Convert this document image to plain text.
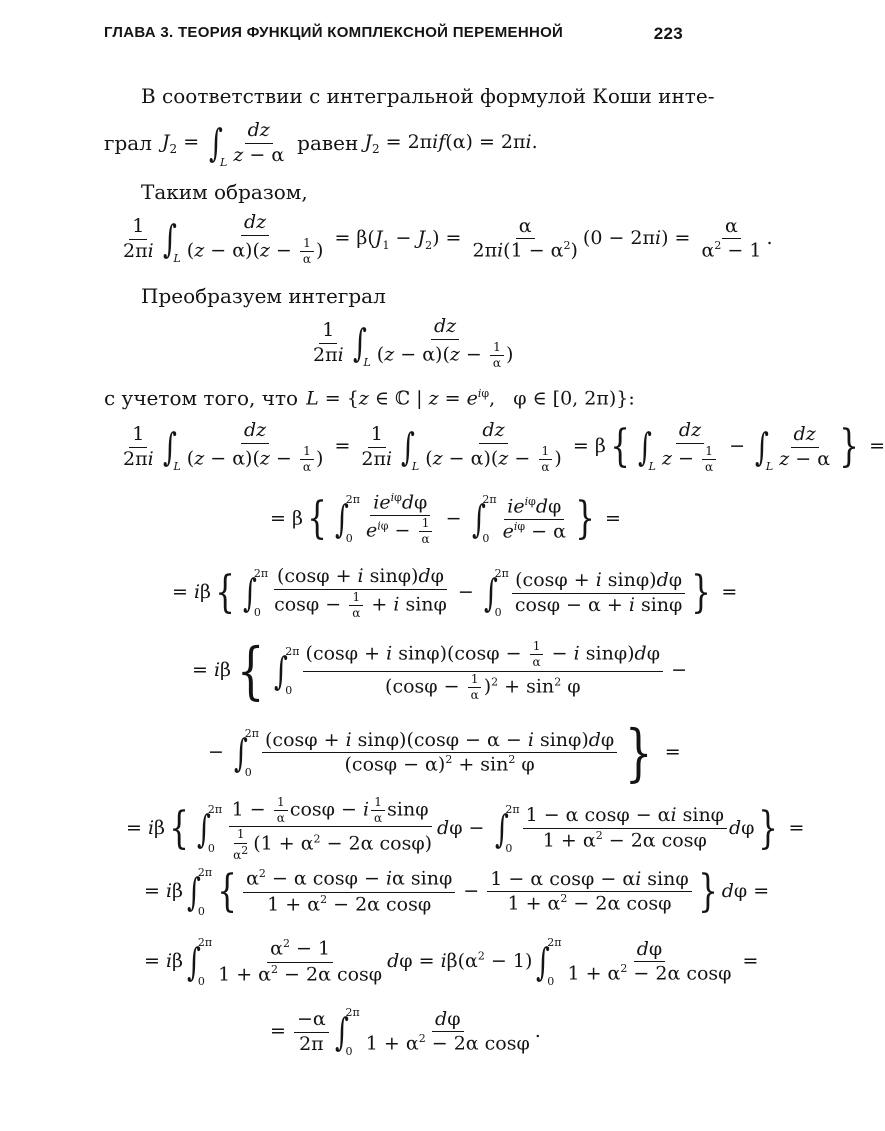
ГЛАВА 3. ТЕОРИЯ ФУНКЦИЙ КОМПЛЕКСНОЙ ПЕРЕМЕННОЙ	223
В соответствии с интегральной формулой Коши инте-
грал $J_2$ = ∫
L $\frac{dz}{z - \alpha}$ равен $J_2 = 2\pi if(\alpha) = 2\pi i$.
Таким образом,
$\frac{1}{2\pi i}$ ∫
L $\frac{dz}{(z - \alpha)(z - \frac{1}{\alpha} )} = \beta(J_1 - J_2) = \frac{\alpha}{2\pi i(1 - \alpha^2)} (0 - 2\pi i) = \frac{\alpha}{\alpha^2 - 1}$ .
Преобразуем интеграл
$\frac{1}{2\pi i}$ ∫
L $\frac{dz}{(z - \alpha)(z - \frac{1}{\alpha} )}$
с учетом того, что L = {z ∈ ℂ | $z = e^{i\varphi}$,   φ ∈ [0, 2π)}:
$\frac{1}{2\pi i}$ ∫
L $\frac{dz}{(z - \alpha)(z - \frac{1}{\alpha} )} = \frac{1}{2\pi i}$ ∫
L $\frac{dz}{(z - \alpha)(z - \frac{1}{\alpha} )} = \beta${ ∫
L $\frac{dz}{z - \frac{1}{\alpha}}$ − ∫
L $\frac{dz}{z - \alpha}$ } =
= β{ ∫
2π
0
$ie^{i\varphi}d\varphi$
$e^{i\varphi} - \frac{1}{\alpha}$ − ∫
2π
0
$ie^{i\varphi}d\varphi$
$e^{i\varphi} - \alpha$ } =
= iβ{ ∫
2π
$0 \frac{\text{(cosφ + i sinφ)dφ}}{\cos\varphi - \frac{1}{\alpha} + i \sin\varphi}$ − ∫
2π
$0 \frac{\text{(cosφ + i sinφ)dφ}}{\text{cosφ − α + i sinφ}}$ } =
= iβ{ ∫
2π
$0 \frac{(\cos\varphi + i \sin\varphi)(\cos\varphi - \frac{1}{\alpha} - i \sin\varphi)d\varphi}{(\cos\varphi - \frac{1}{\alpha} )^2 + \sin^2 \varphi}$ −
− ∫
2π
$0 \frac{\text{(cosφ + i sinφ)(cosφ − α − i sinφ)dφ}}{(\cos\varphi - \alpha)^2 + \sin^2 \varphi}$ } =
= iβ{ ∫
2π
$0 \frac{1 - \frac{1}{\alpha} \cos\varphi - i \frac{1}{\alpha} \sin\varphi}{\frac{1}{\alpha^2} (1 + \alpha^2 - 2\alpha \cos\varphi)}$ dφ − ∫
2π
$0 \frac{\text{1 − α cosφ − αi sinφ}}{1 + \alpha^2 - 2\alpha \cos\varphi} d\varphi$} =
= iβ ∫
2π
0 { $\frac{\alpha^2 - \alpha \cos\varphi - i\alpha \sin\varphi}{1 + \alpha^2 - 2\alpha \cos\varphi} - \frac{\text{1 − α cosφ − αi sinφ}}{1 + \alpha^2 - 2\alpha \cos\varphi}$ } dφ =
= iβ ∫
2π
$0 \frac{\alpha^2 - 1}{1 + \alpha^2 - 2\alpha \cos\varphi}$ $d\varphi = i\beta(\alpha^2 - 1)$ ∫
2π
$0 \frac{d\varphi}{1 + \alpha^2 - 2\alpha \cos\varphi}$ =
= $\frac{-\alpha}{2\pi}$ ∫
2π
$0 \frac{d\varphi}{1 + \alpha^2 - 2\alpha \cos\varphi}$ .
